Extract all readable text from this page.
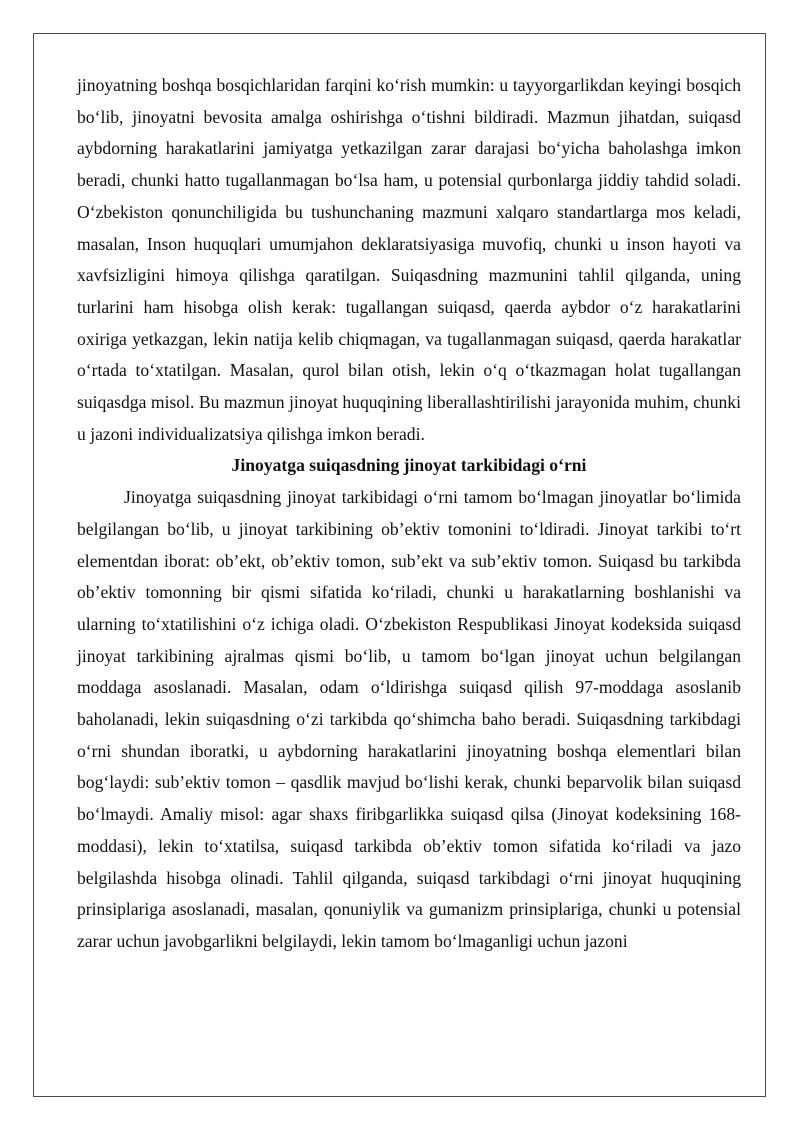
jinoyatning boshqa bosqichlaridan farqini koʻrish mumkin: u tayyorgarlikdan keyingi bosqich boʻlib, jinoyatni bevosita amalga oshirishga oʻtishni bildiradi. Mazmun jihatdan, suiqasd aybdorning harakatlarini jamiyatga yetkazilgan zarar darajasi boʻyicha baholashga imkon beradi, chunki hatto tugallanmagan boʻlsa ham, u potensial qurbonlarga jiddiy tahdid soladi. Oʻzbekiston qonunchiligida bu tushunchaning mazmuni xalqaro standartlarga mos keladi, masalan, Inson huquqlari umumjahon deklaratsiyasiga muvofiq, chunki u inson hayoti va xavfsizligini himoya qilishga qaratilgan. Suiqasdning mazmunini tahlil qilganda, uning turlarini ham hisobga olish kerak: tugallangan suiqasd, qaerda aybdor oʻz harakatlarini oxiriga yetkazgan, lekin natija kelib chiqmagan, va tugallanmagan suiqasd, qaerda harakatlar oʻrtada toʻxtatilgan. Masalan, qurol bilan otish, lekin oʻq oʻtkazmagan holat tugallangan suiqasdga misol. Bu mazmun jinoyat huquqining liberallashtirilishi jarayonida muhim, chunki u jazoni individualizatsiya qilishga imkon beradi.

Jinoyatga suiqasdning jinoyat tarkibidagi oʻrni

Jinoyatga suiqasdning jinoyat tarkibidagi oʻrni tamom boʻlmagan jinoyatlar boʻlimida belgilangan boʻlib, u jinoyat tarkibining obʼektiv tomonini toʻldiradi. Jinoyat tarkibi toʻrt elementdan iborat: obʼekt, obʼektiv tomon, subʼekt va subʼektiv tomon. Suiqasd bu tarkibda obʼektiv tomonning bir qismi sifatida koʻriladi, chunki u harakatlarning boshlanishi va ularning toʻxtatilishini oʻz ichiga oladi. Oʻzbekiston Respublikasi Jinoyat kodeksida suiqasd jinoyat tarkibining ajralmas qismi boʻlib, u tamom boʻlgan jinoyat uchun belgilangan moddaga asoslanadi. Masalan, odam oʻldirishga suiqasd qilish 97-moddaga asoslanib baholanadi, lekin suiqasdning oʻzi tarkibda qoʻshimcha baho beradi. Suiqasdning tarkibdagi oʻrni shundan iboratki, u aybdorning harakatlarini jinoyatning boshqa elementlari bilan bogʻlaydi: subʼektiv tomon – qasdlik mavjud boʻlishi kerak, chunki beparvolik bilan suiqasd boʻlmaydi. Amaliy misol: agar shaxs firibgarlikka suiqasd qilsa (Jinoyat kodeksining 168-moddasi), lekin toʻxtatilsa, suiqasd tarkibda obʼektiv tomon sifatida koʻriladi va jazo belgilashda hisobga olinadi. Tahlil qilganda, suiqasd tarkibdagi oʻrni jinoyat huquqining prinsiplariga asoslanadi, masalan, qonuniylik va gumanizm prinsiplariga, chunki u potensial zarar uchun javobgarlikni belgilaydi, lekin tamom boʻlmaganligi uchun jazoni
